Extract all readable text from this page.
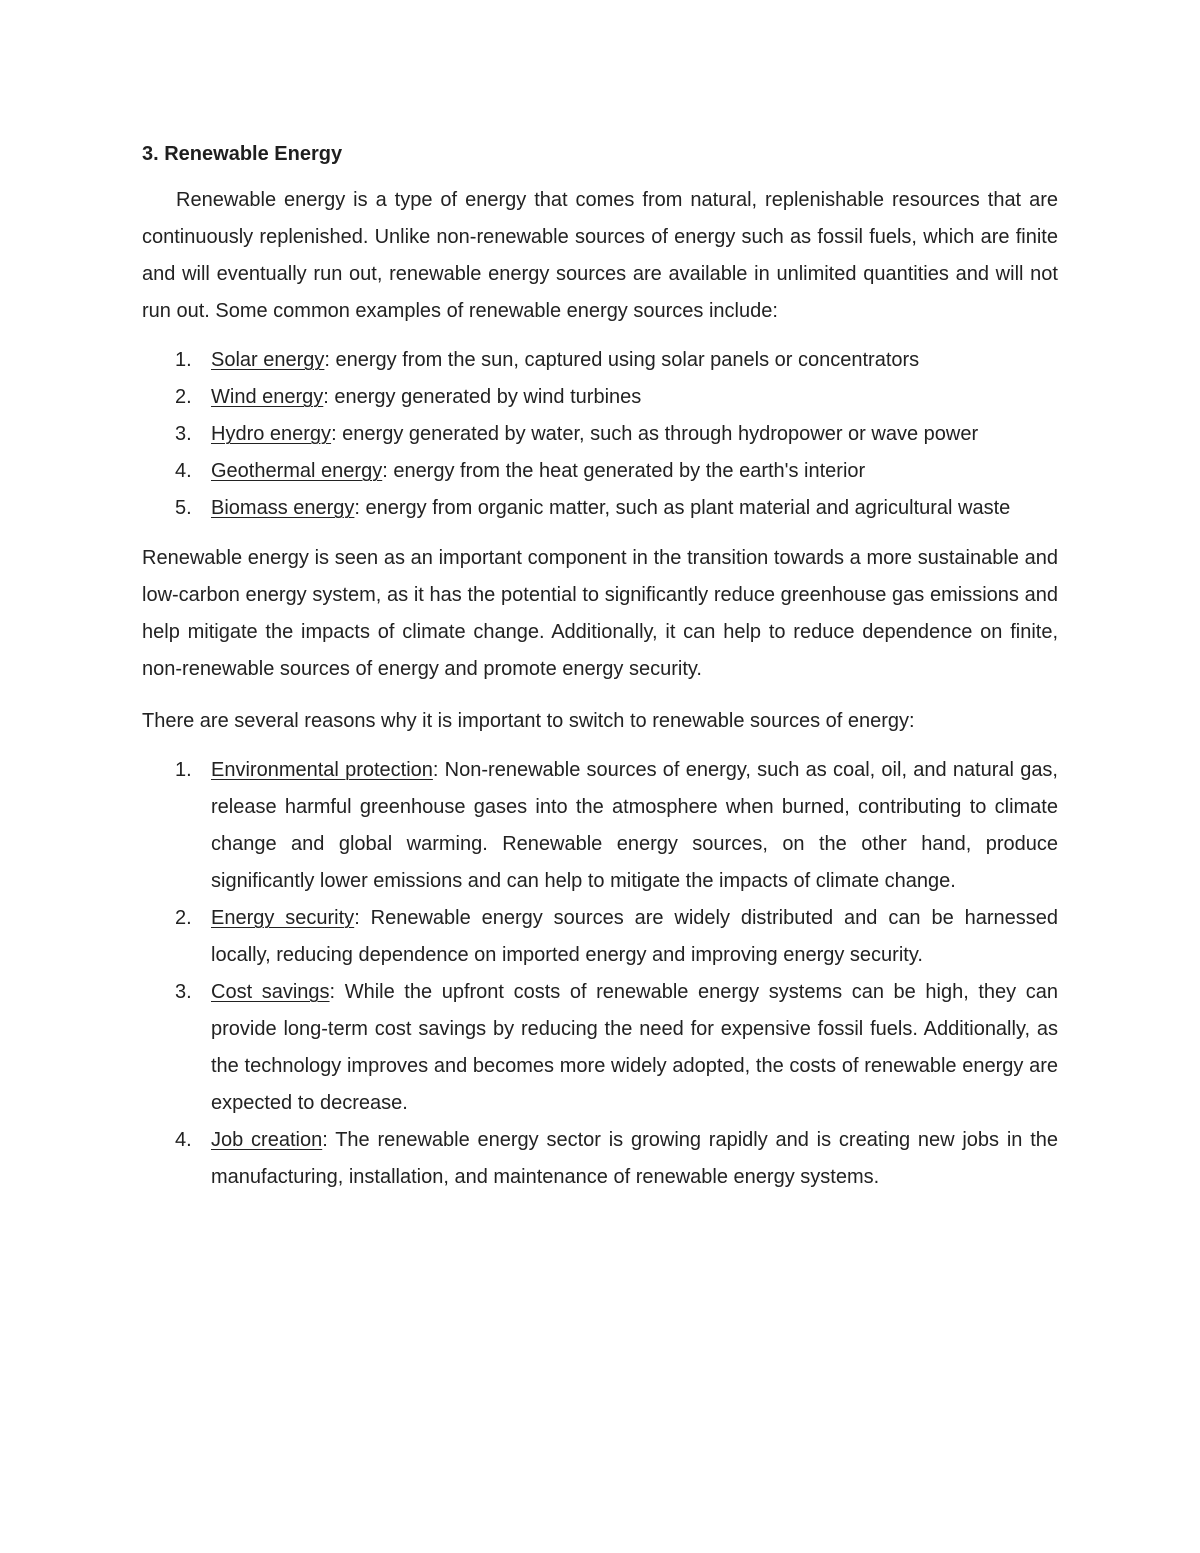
3. Renewable Energy

Renewable energy is a type of energy that comes from natural, replenishable resources that are continuously replenished. Unlike non-renewable sources of energy such as fossil fuels, which are finite and will eventually run out, renewable energy sources are available in unlimited quantities and will not run out. Some common examples of renewable energy sources include:

1. Solar energy: energy from the sun, captured using solar panels or concentrators
2. Wind energy: energy generated by wind turbines
3. Hydro energy: energy generated by water, such as through hydropower or wave power
4. Geothermal energy: energy from the heat generated by the earth's interior
5. Biomass energy: energy from organic matter, such as plant material and agricultural waste

Renewable energy is seen as an important component in the transition towards a more sustainable and low-carbon energy system, as it has the potential to significantly reduce greenhouse gas emissions and help mitigate the impacts of climate change. Additionally, it can help to reduce dependence on finite, non-renewable sources of energy and promote energy security.

There are several reasons why it is important to switch to renewable sources of energy:

1. Environmental protection: Non-renewable sources of energy, such as coal, oil, and natural gas, release harmful greenhouse gases into the atmosphere when burned, contributing to climate change and global warming. Renewable energy sources, on the other hand, produce significantly lower emissions and can help to mitigate the impacts of climate change.
2. Energy security: Renewable energy sources are widely distributed and can be harnessed locally, reducing dependence on imported energy and improving energy security.
3. Cost savings: While the upfront costs of renewable energy systems can be high, they can provide long-term cost savings by reducing the need for expensive fossil fuels. Additionally, as the technology improves and becomes more widely adopted, the costs of renewable energy are expected to decrease.
4. Job creation: The renewable energy sector is growing rapidly and is creating new jobs in the manufacturing, installation, and maintenance of renewable energy systems.
